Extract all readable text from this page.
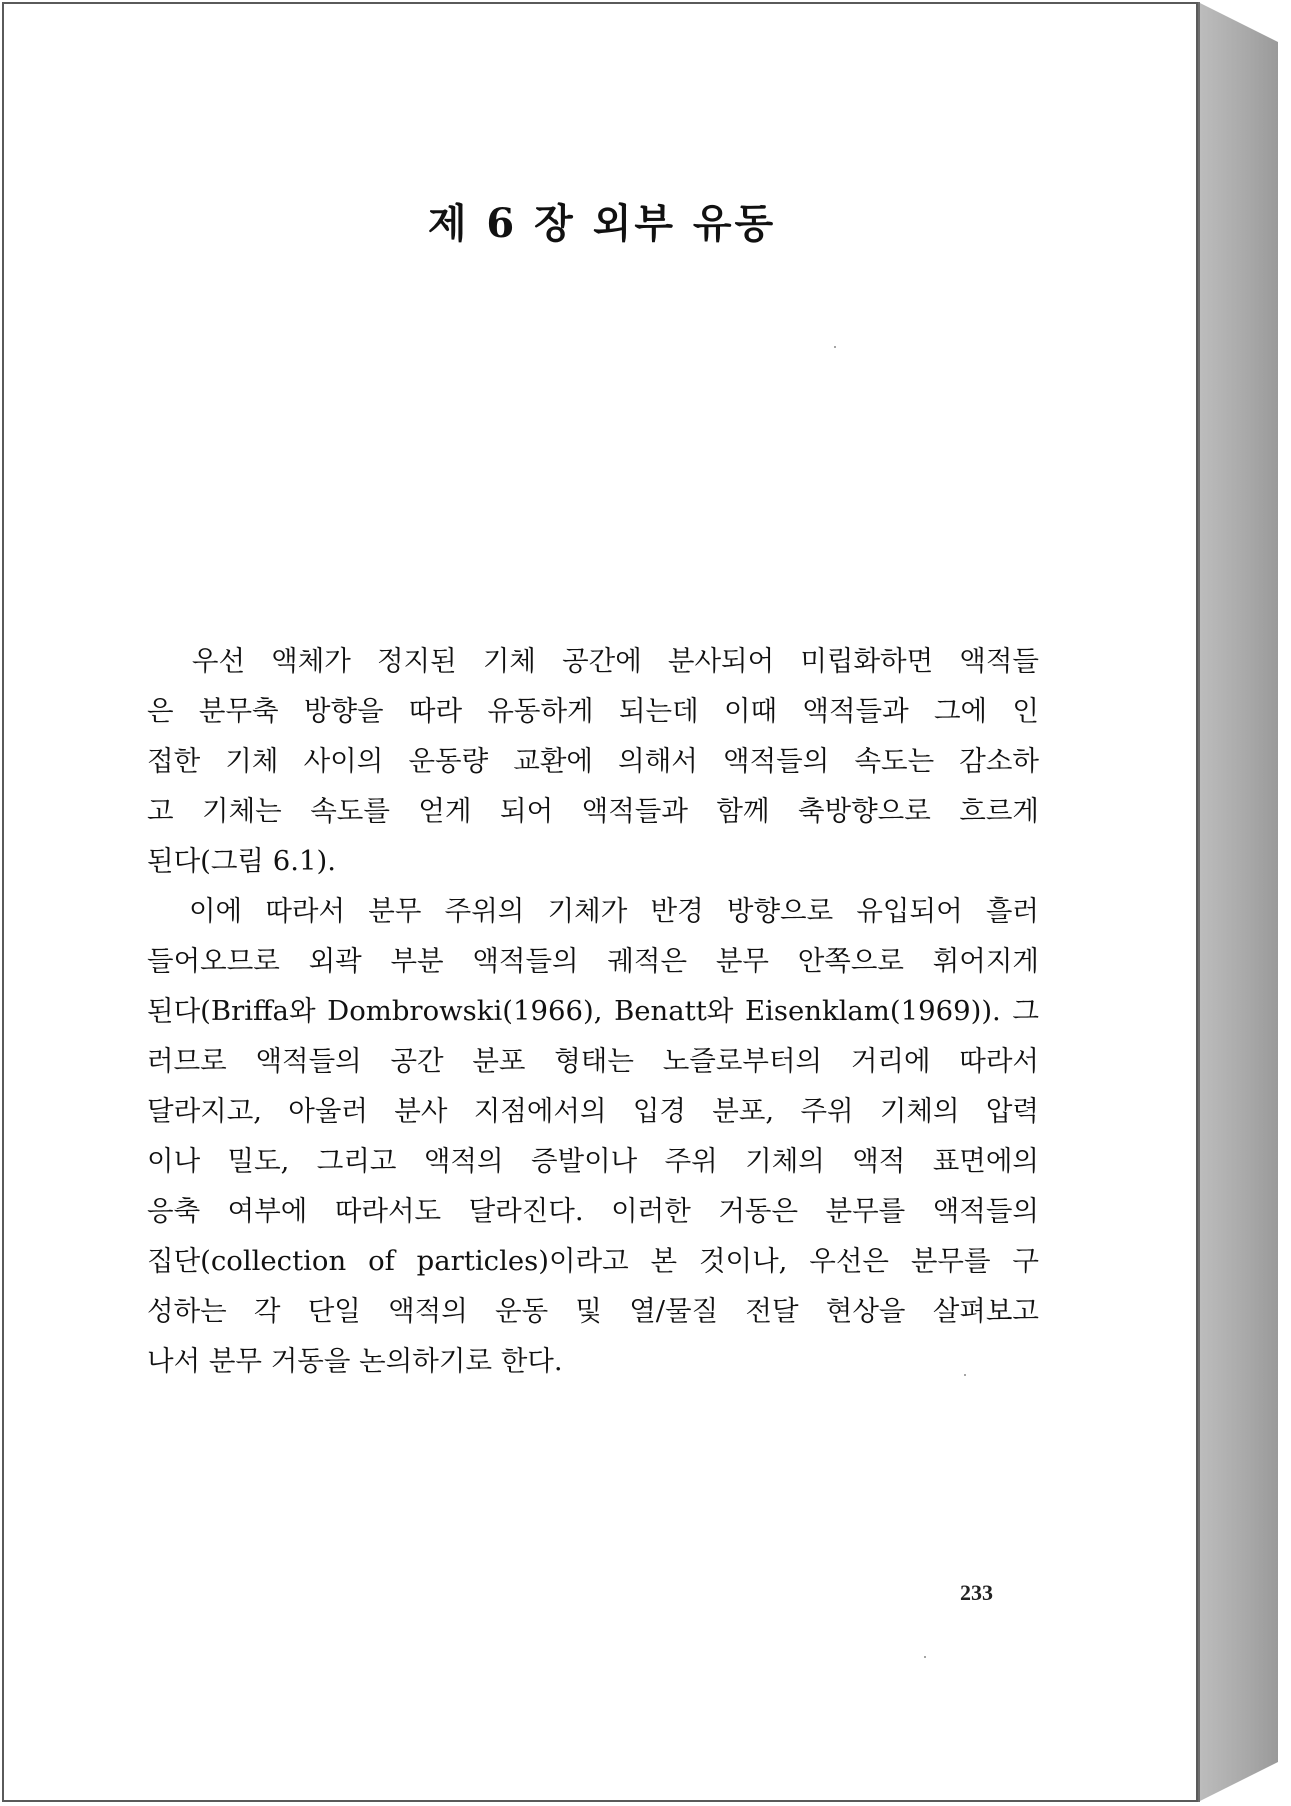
제 6 장 외부 유동
　우선 액체가 정지된 기체 공간에 분사되어 미립화하면 액적들
은 분무축 방향을 따라 유동하게 되는데 이때 액적들과 그에 인
접한 기체 사이의 운동량 교환에 의해서 액적들의 속도는 감소하
고 기체는 속도를 얻게 되어 액적들과 함께 축방향으로 흐르게
된다(그림 6.1).
　이에 따라서 분무 주위의 기체가 반경 방향으로 유입되어 흘러
들어오므로 외곽 부분 액적들의 궤적은 분무 안쪽으로 휘어지게
된다(Briffa와 Dombrowski(1966), Benatt와 Eisenklam(1969)). 그
러므로 액적들의 공간 분포 형태는 노즐로부터의 거리에 따라서
달라지고, 아울러 분사 지점에서의 입경 분포, 주위 기체의 압력
이나 밀도, 그리고 액적의 증발이나 주위 기체의 액적 표면에의
응축 여부에 따라서도 달라진다. 이러한 거동은 분무를 액적들의
집단(collection of particles)이라고 본 것이나, 우선은 분무를 구
성하는 각 단일 액적의 운동 및 열/물질 전달 현상을 살펴보고
나서 분무 거동을 논의하기로 한다.
233
